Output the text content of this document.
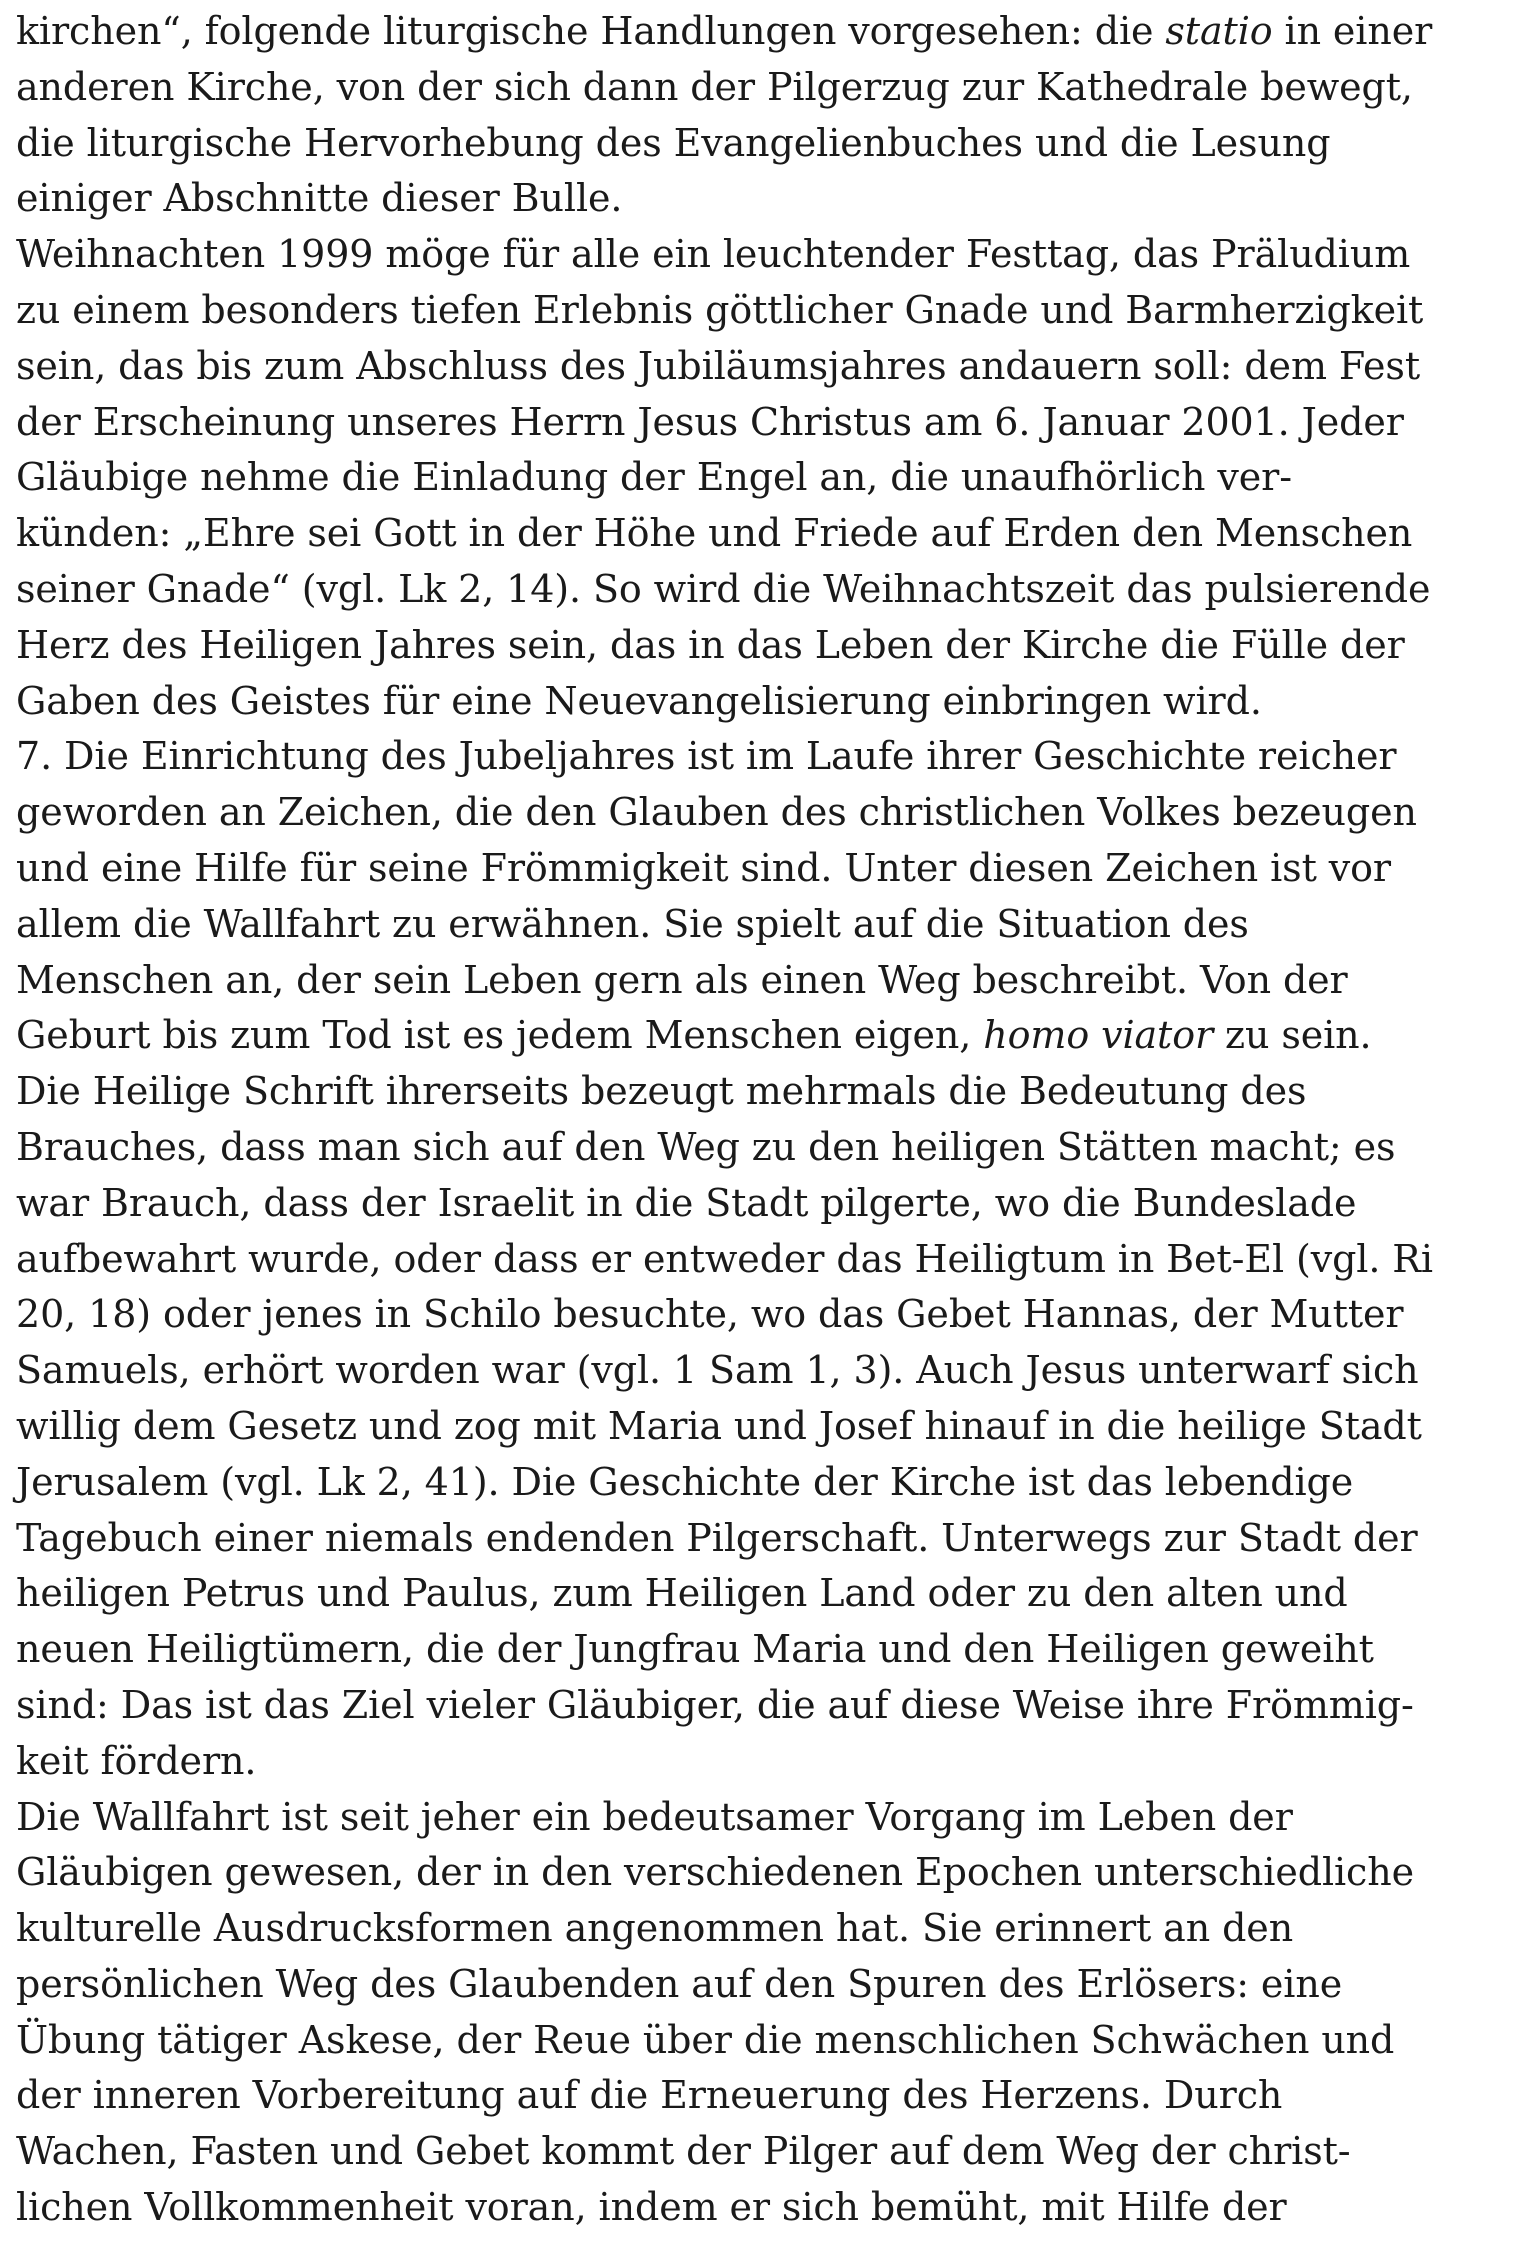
kirchen“, folgende liturgische Handlungen vorgesehen: die statio in einer
anderen Kirche, von der sich dann der Pilgerzug zur Kathedrale bewegt,
die liturgische Hervorhebung des Evangelienbuches und die Lesung
einiger Abschnitte dieser Bulle.
Weihnachten 1999 möge für alle ein leuchtender Festtag, das Präludium
zu einem besonders tiefen Erlebnis göttlicher Gnade und Barmherzigkeit
sein, das bis zum Abschluss des Jubiläumsjahres andauern soll: dem Fest
der Erscheinung unseres Herrn Jesus Christus am 6. Januar 2001. Jeder
Gläubige nehme die Einladung der Engel an, die unaufhörlich ver-
künden: „Ehre sei Gott in der Höhe und Friede auf Erden den Menschen
seiner Gnade“ (vgl. Lk 2, 14). So wird die Weihnachtszeit das pulsierende
Herz des Heiligen Jahres sein, das in das Leben der Kirche die Fülle der
Gaben des Geistes für eine Neuevangelisierung einbringen wird.
7. Die Einrichtung des Jubeljahres ist im Laufe ihrer Geschichte reicher
geworden an Zeichen, die den Glauben des christlichen Volkes bezeugen
und eine Hilfe für seine Frömmigkeit sind. Unter diesen Zeichen ist vor
allem die Wallfahrt zu erwähnen. Sie spielt auf die Situation des
Menschen an, der sein Leben gern als einen Weg beschreibt. Von der
Geburt bis zum Tod ist es jedem Menschen eigen, homo viator zu sein.
Die Heilige Schrift ihrerseits bezeugt mehrmals die Bedeutung des
Brauches, dass man sich auf den Weg zu den heiligen Stätten macht; es
war Brauch, dass der Israelit in die Stadt pilgerte, wo die Bundeslade
aufbewahrt wurde, oder dass er entweder das Heiligtum in Bet-El (vgl. Ri
20, 18) oder jenes in Schilo besuchte, wo das Gebet Hannas, der Mutter
Samuels, erhört worden war (vgl. 1 Sam 1, 3). Auch Jesus unterwarf sich
willig dem Gesetz und zog mit Maria und Josef hinauf in die heilige Stadt
Jerusalem (vgl. Lk 2, 41). Die Geschichte der Kirche ist das lebendige
Tagebuch einer niemals endenden Pilgerschaft. Unterwegs zur Stadt der
heiligen Petrus und Paulus, zum Heiligen Land oder zu den alten und
neuen Heiligtümern, die der Jungfrau Maria und den Heiligen geweiht
sind: Das ist das Ziel vieler Gläubiger, die auf diese Weise ihre Frömmig-
keit fördern.
Die Wallfahrt ist seit jeher ein bedeutsamer Vorgang im Leben der
Gläubigen gewesen, der in den verschiedenen Epochen unterschiedliche
kulturelle Ausdrucksformen angenommen hat. Sie erinnert an den
persönlichen Weg des Glaubenden auf den Spuren des Erlösers: eine
Übung tätiger Askese, der Reue über die menschlichen Schwächen und
der inneren Vorbereitung auf die Erneuerung des Herzens. Durch
Wachen, Fasten und Gebet kommt der Pilger auf dem Weg der christ-
lichen Vollkommenheit voran, indem er sich bemüht, mit Hilfe der
